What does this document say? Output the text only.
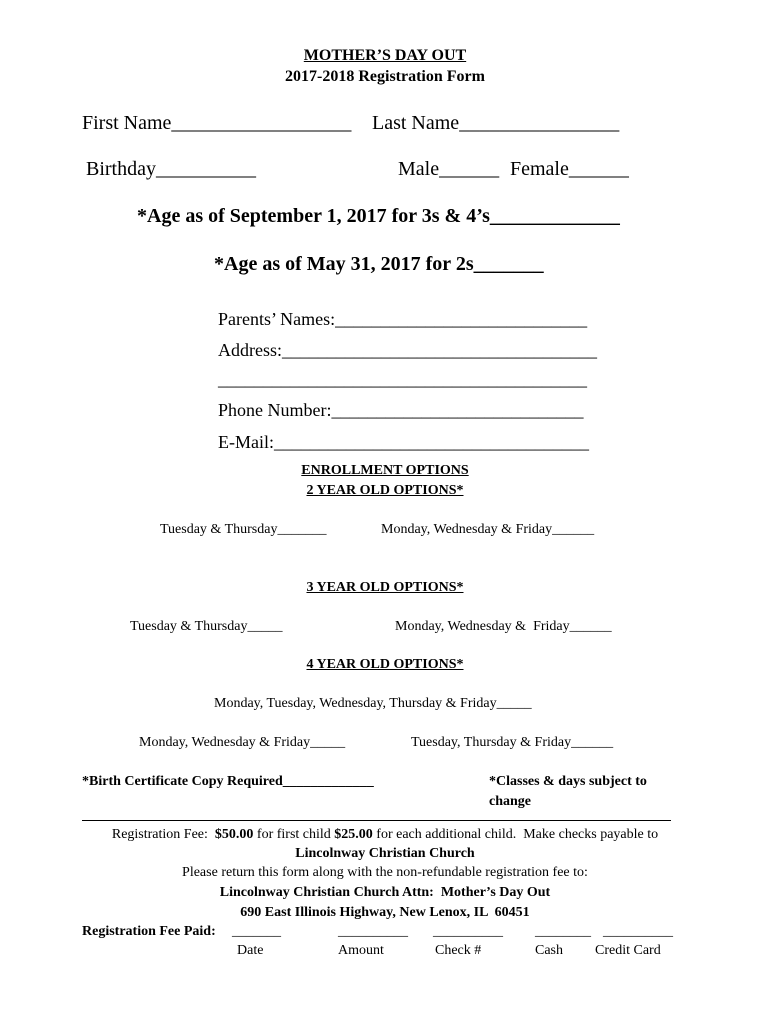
MOTHER’S DAY OUT
2017-2018 Registration Form
First Name__________________ Last Name________________
Birthday__________	Male______ Female______
*Age as of September 1, 2017 for 3s & 4’s_____________
*Age as of May 31, 2017 for 2s_______
Parents’ Names:____________________________
Address:___________________________________
_________________________________________
Phone Number:____________________________
E-Mail:___________________________________
ENROLLMENT OPTIONS
2 YEAR OLD OPTIONS*
Tuesday & Thursday_______	Monday, Wednesday & Friday______
3 YEAR OLD OPTIONS*
Tuesday & Thursday_____	Monday, Wednesday &  Friday______
4 YEAR OLD OPTIONS*
Monday, Tuesday, Wednesday, Thursday & Friday_____
Monday, Wednesday & Friday_____	Tuesday, Thursday & Friday______
*Birth Certificate Copy Required_____________	*Classes & days subject to
change
Registration Fee:  $50.00 for first child $25.00 for each additional child.  Make checks payable to
Lincolnway Christian Church
Please return this form along with the non-refundable registration fee to:
Lincolnway Christian Church Attn:  Mother’s Day Out
690 East Illinois Highway, New Lenox, IL  60451
Registration Fee Paid: _______	__________ __________ ________ __________
Date	Amount	Check #	Cash Credit Card
